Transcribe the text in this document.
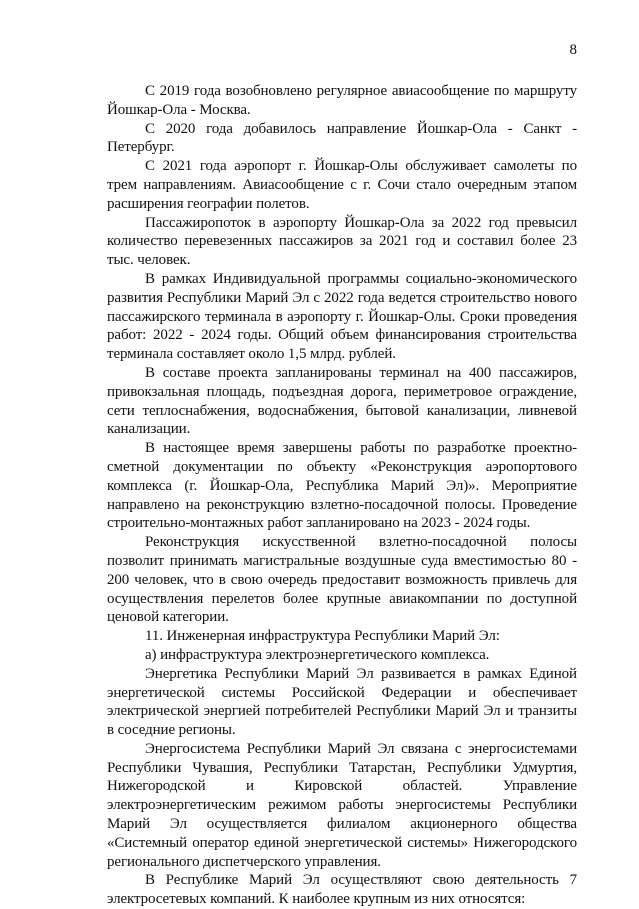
8

С 2019 года возобновлено регулярное авиасообщение по маршруту Йошкар-Ола - Москва.

С 2020 года добавилось направление Йошкар-Ола - Санкт - Петербург.

С 2021 года аэропорт г. Йошкар-Олы обслуживает самолеты по трем направлениям. Авиасообщение с г. Сочи стало очередным этапом расширения географии полетов.

Пассажиропоток в аэропорту Йошкар-Ола за 2022 год превысил количество перевезенных пассажиров за 2021 год и составил более 23 тыс. человек.

В рамках Индивидуальной программы социально-экономического развития Республики Марий Эл с 2022 года ведется строительство нового пассажирского терминала в аэропорту г. Йошкар-Олы. Сроки проведения работ: 2022 - 2024 годы. Общий объем финансирования строительства терминала составляет около 1,5 млрд. рублей.

В составе проекта запланированы терминал на 400 пассажиров, привокзальная площадь, подъездная дорога, периметровое ограждение, сети теплоснабжения, водоснабжения, бытовой канализации, ливневой канализации.

В настоящее время завершены работы по разработке проектно-сметной документации по объекту «Реконструкция аэропортового комплекса (г. Йошкар-Ола, Республика Марий Эл)». Мероприятие направлено на реконструкцию взлетно-посадочной полосы. Проведение строительно-монтажных работ запланировано на 2023 - 2024 годы.

Реконструкция искусственной взлетно-посадочной полосы позволит принимать магистральные воздушные суда вместимостью 80 - 200 человек, что в свою очередь предоставит возможность привлечь для осуществления перелетов более крупные авиакомпании по доступной ценовой категории.

11. Инженерная инфраструктура Республики Марий Эл:

а) инфраструктура электроэнергетического комплекса.

Энергетика Республики Марий Эл развивается в рамках Единой энергетической системы Российской Федерации и обеспечивает электрической энергией потребителей Республики Марий Эл и транзиты в соседние регионы.

Энергосистема Республики Марий Эл связана с энергосистемами Республики Чувашия, Республики Татарстан, Республики Удмуртия, Нижегородской и Кировской областей. Управление электроэнергетическим режимом работы энергосистемы Республики Марий Эл осуществляется филиалом акционерного общества «Системный оператор единой энергетической системы» Нижегородского регионального диспетчерского управления.

В Республике Марий Эл осуществляют свою деятельность 7 электросетевых компаний. К наиболее крупным из них относятся:
